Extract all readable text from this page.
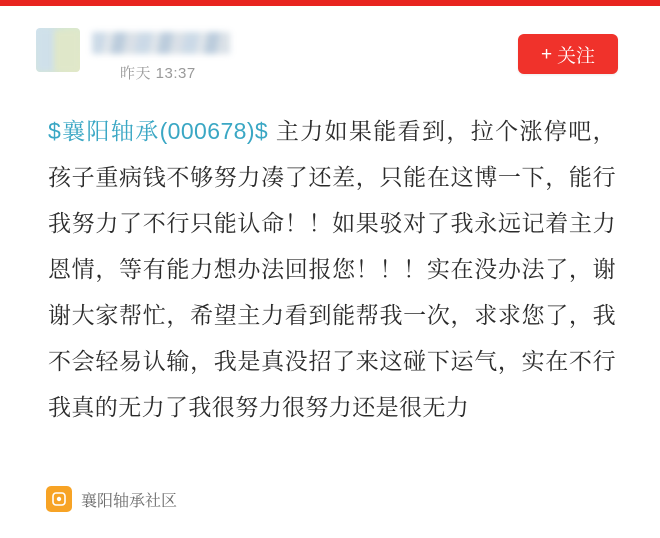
昨天 13:37
+ 关注
$襄阳轴承(000678)$ 主力如果能看到，拉个涨停吧，孩子重病钱不够努力凑了还差，只能在这博一下，能行我努力了不行只能认命！！如果驳对了我永远记着主力恩情，等有能力想办法回报您！！！实在没办法了，谢谢大家帮忙，希望主力看到能帮我一次，求求您了，我不会轻易认输，我是真没招了来这碰下运气，实在不行我真的无力了我很努力很努力还是很无力
襄阳轴承社区
